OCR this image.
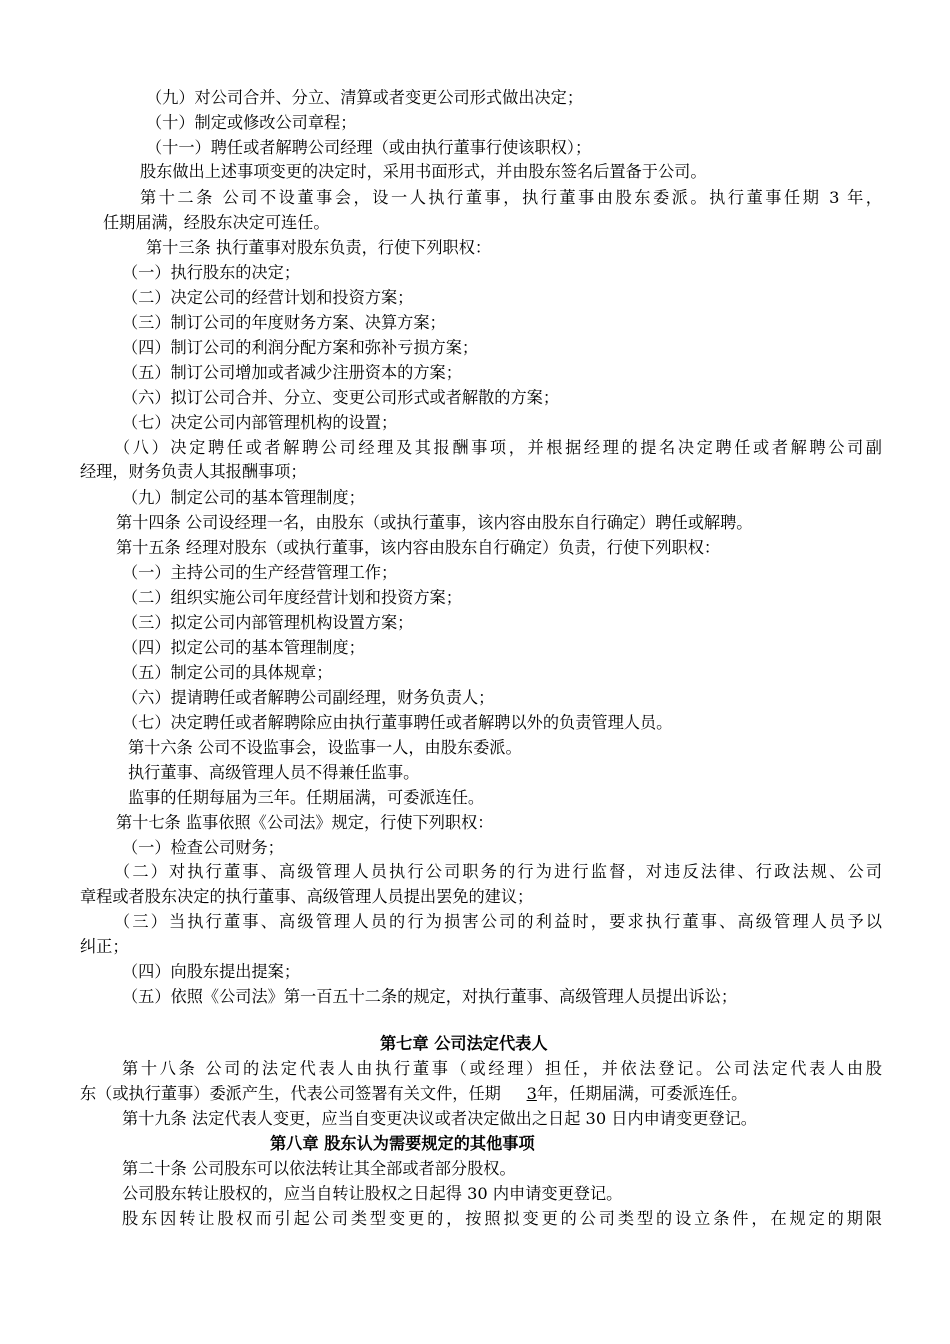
（九）对公司合并、分立、清算或者变更公司形式做出决定；
（十）制定或修改公司章程；
（十一）聘任或者解聘公司经理（或由执行董事行使该职权）；
股东做出上述事项变更的决定时，采用书面形式，并由股东签名后置备于公司。
第十二条 公司不设董事会，设一人执行董事，执行董事由股东委派。执行董事任期 3 年，
任期届满，经股东决定可连任。
第十三条 执行董事对股东负责，行使下列职权：
（一）执行股东的决定；
（二）决定公司的经营计划和投资方案；
（三）制订公司的年度财务方案、决算方案；
（四）制订公司的利润分配方案和弥补亏损方案；
（五）制订公司增加或者减少注册资本的方案；
（六）拟订公司合并、分立、变更公司形式或者解散的方案；
（七）决定公司内部管理机构的设置；
（八）决定聘任或者解聘公司经理及其报酬事项，并根据经理的提名决定聘任或者解聘公司副
经理，财务负责人其报酬事项；
（九）制定公司的基本管理制度；
第十四条 公司设经理一名，由股东（或执行董事，该内容由股东自行确定）聘任或解聘。
第十五条 经理对股东（或执行董事，该内容由股东自行确定）负责，行使下列职权：
（一）主持公司的生产经营管理工作；
（二）组织实施公司年度经营计划和投资方案；
（三）拟定公司内部管理机构设置方案；
（四）拟定公司的基本管理制度；
（五）制定公司的具体规章；
（六）提请聘任或者解聘公司副经理，财务负责人；
（七）决定聘任或者解聘除应由执行董事聘任或者解聘以外的负责管理人员。
第十六条 公司不设监事会，设监事一人，由股东委派。
执行董事、高级管理人员不得兼任监事。
监事的任期每届为三年。任期届满，可委派连任。
第十七条 监事依照《公司法》规定，行使下列职权：
（一）检查公司财务；
（二）对执行董事、高级管理人员执行公司职务的行为进行监督，对违反法律、行政法规、公司
章程或者股东决定的执行董事、高级管理人员提出罢免的建议；
（三）当执行董事、高级管理人员的行为损害公司的利益时，要求执行董事、高级管理人员予以
纠正；
（四）向股东提出提案；
（五）依照《公司法》第一百五十二条的规定，对执行董事、高级管理人员提出诉讼；
第七章 公司法定代表人
第十八条 公司的法定代表人由执行董事（或经理）担任，并依法登记。公司法定代表人由股
东（或执行董事）委派产生，代表公司签署有关文件，任期 3年，任期届满，可委派连任。
第十九条 法定代表人变更，应当自变更决议或者决定做出之日起 30 日内申请变更登记。
第八章 股东认为需要规定的其他事项
第二十条 公司股东可以依法转让其全部或者部分股权。
公司股东转让股权的，应当自转让股权之日起得 30 内申请变更登记。
股东因转让股权而引起公司类型变更的，按照拟变更的公司类型的设立条件，在规定的期限
